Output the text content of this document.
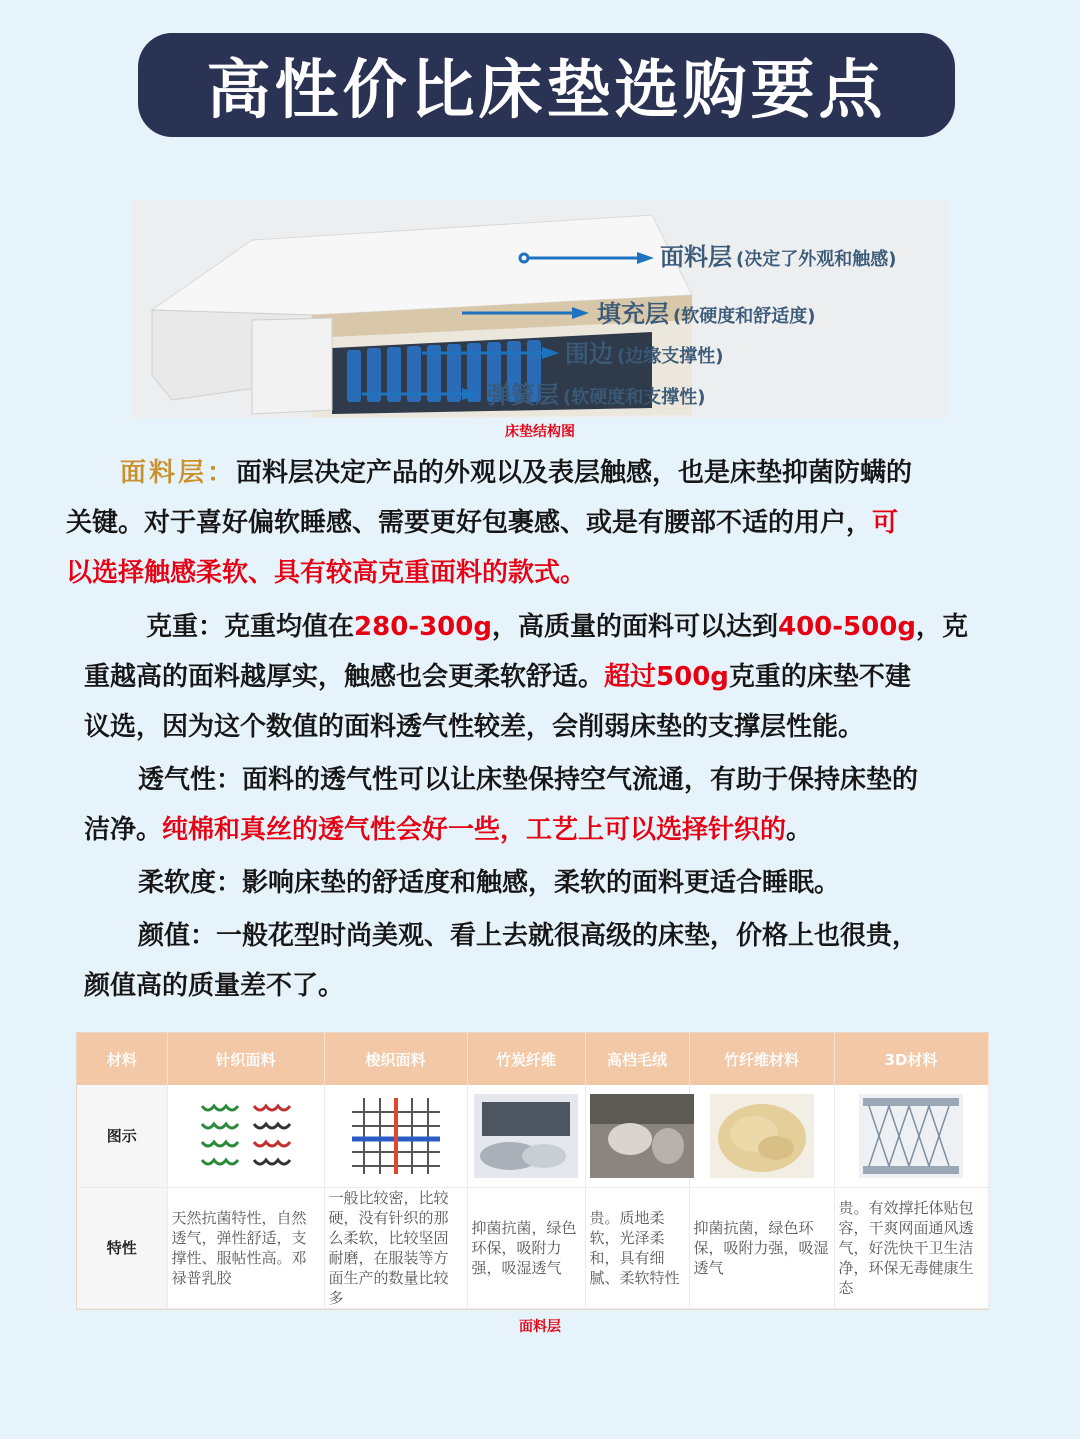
高性价比床垫选购要点
面料层 (决定了外观和触感)
填充层 (软硬度和舒适度)
围边 (边缘支撑性)
弹簧层 (软硬度和支撑性)
床垫结构图
面料层：面料层决定产品的外观以及表层触感，也是床垫抑菌防螨的
关键。对于喜好偏软睡感、需要更好包裹感、或是有腰部不适的用户，可
以选择触感柔软、具有较高克重面料的款式。
克重：克重均值在280-300g，高质量的面料可以达到400-500g，克
重越高的面料越厚实，触感也会更柔软舒适。超过500g克重的床垫不建
议选，因为这个数值的面料透气性较差，会削弱床垫的支撑层性能。
透气性：面料的透气性可以让床垫保持空气流通，有助于保持床垫的
洁净。纯棉和真丝的透气性会好一些，工艺上可以选择针织的。
柔软度：影响床垫的舒适度和触感，柔软的面料更适合睡眠。
颜值：一般花型时尚美观、看上去就很高级的床垫，价格上也很贵，
颜值高的质量差不了。
材料	针织面料	梭织面料	竹炭纤维	高档毛绒	竹纤维材料	3D材料
图示						
特性	天然抗菌特性，自然透气，弹性舒适，支撑性、服帖性高。邓禄普乳胶	一般比较密，比较硬，没有针织的那么柔软，比较坚固耐磨，在服装等方面生产的数量比较多	抑菌抗菌，绿色环保，吸附力强，吸湿透气	贵。质地柔软，光泽柔和，具有细腻、柔软特性	抑菌抗菌，绿色环保，吸附力强，吸湿透气	贵。有效撑托体贴包容，干爽网面通风透气，好洗快干卫生洁净，环保无毒健康生态
面料层
